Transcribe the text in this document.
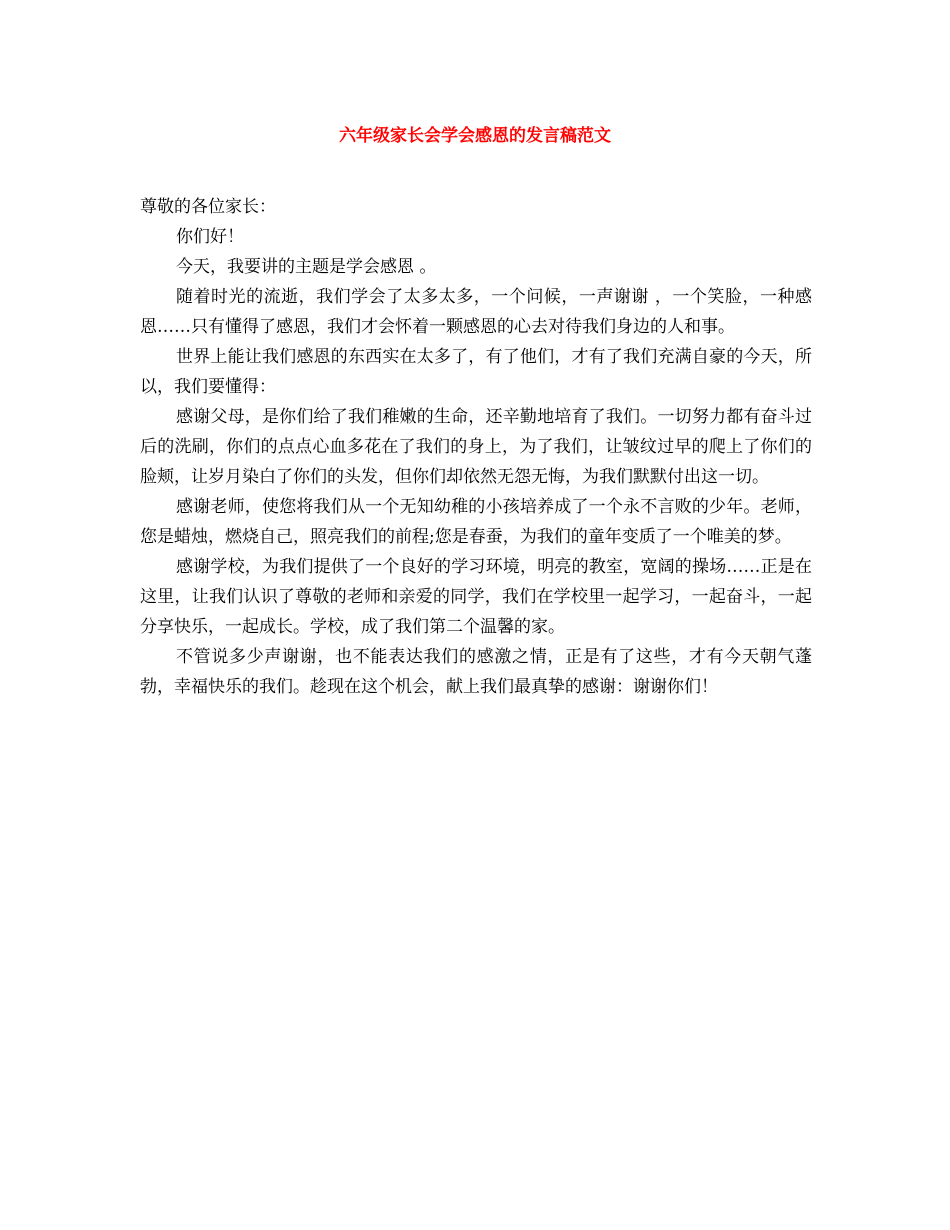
六年级家长会学会感恩的发言稿范文

尊敬的各位家长：

你们好！

今天，我要讲的主题是学会感恩 。

随着时光的流逝，我们学会了太多太多，一个问候，一声谢谢 ，一个笑脸，一种感恩……只有懂得了感恩，我们才会怀着一颗感恩的心去对待我们身边的人和事。

世界上能让我们感恩的东西实在太多了，有了他们，才有了我们充满自豪的今天，所以，我们要懂得：

感谢父母，是你们给了我们稚嫩的生命，还辛勤地培育了我们。一切努力都有奋斗过后的洗刷，你们的点点心血多花在了我们的身上，为了我们，让皱纹过早的爬上了你们的脸颊，让岁月染白了你们的头发，但你们却依然无怨无悔，为我们默默付出这一切。

感谢老师，使您将我们从一个无知幼稚的小孩培养成了一个永不言败的少年。老师，您是蜡烛，燃烧自己，照亮我们的前程;您是春蚕，为我们的童年变质了一个唯美的梦。

感谢学校，为我们提供了一个良好的学习环境，明亮的教室，宽阔的操场……正是在这里，让我们认识了尊敬的老师和亲爱的同学，我们在学校里一起学习，一起奋斗，一起分享快乐，一起成长。学校，成了我们第二个温馨的家。

不管说多少声谢谢，也不能表达我们的感激之情，正是有了这些，才有今天朝气蓬勃，幸福快乐的我们。趁现在这个机会，献上我们最真挚的感谢：谢谢你们！
